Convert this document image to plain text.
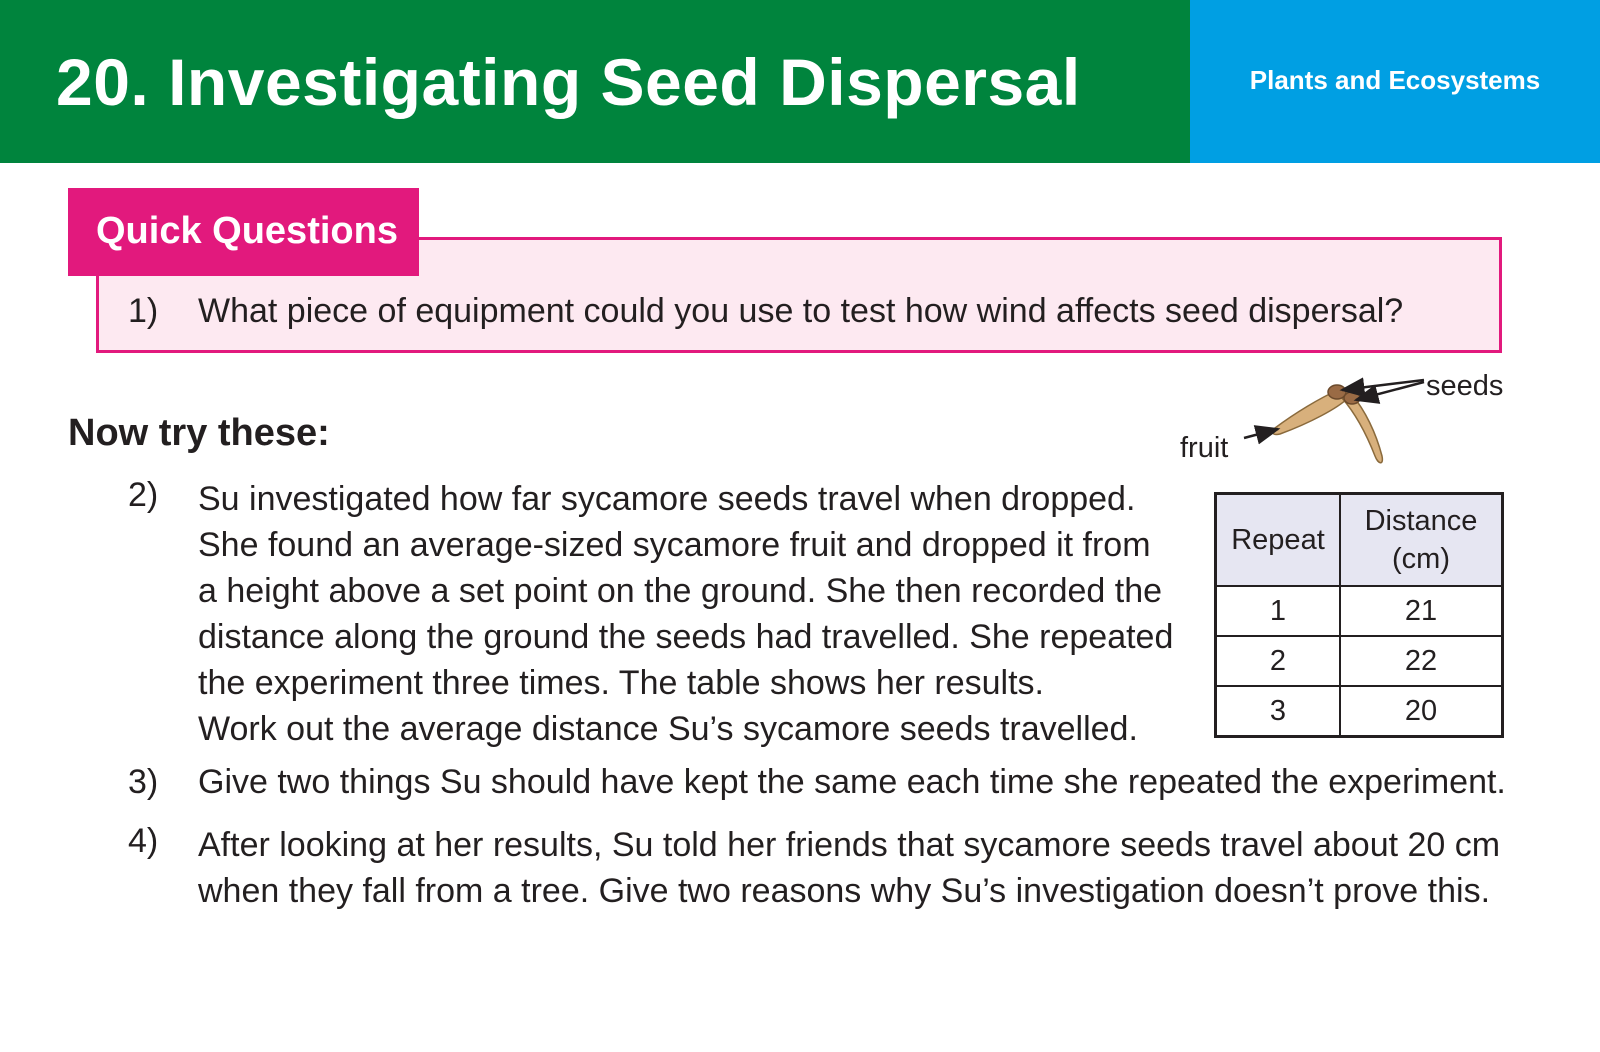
20. Investigating Seed Dispersal	Plants and Ecosystems
Quick Questions
1) What piece of equipment could you use to test how wind affects seed dispersal?
Now try these:
2) Su investigated how far sycamore seeds travel when dropped.
She found an average-sized sycamore fruit and dropped it from
a height above a set point on the ground. She then recorded the
distance along the ground the seeds had travelled. She repeated
the experiment three times. The table shows her results.
Work out the average distance Su’s sycamore seeds travelled.
fruit
seeds
Repeat	Distance
(cm)
1	21
2	22
3	20
3) Give two things Su should have kept the same each time she repeated the experiment.
4) After looking at her results, Su told her friends that sycamore seeds travel about 20 cm
when they fall from a tree. Give two reasons why Su’s investigation doesn’t prove this.
